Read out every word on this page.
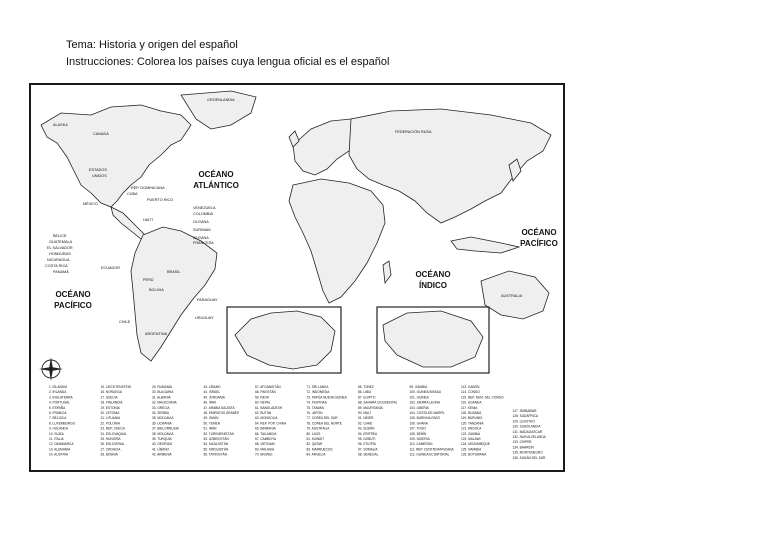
Tema: Historia y origen del español
Instrucciones: Colorea los países cuya lengua oficial es el español
OCÉANO
ATLÁNTICO
OCÉANO
PACÍFICO
OCÉANO
PACÍFICO
OCÉANO
ÍNDICO
GROENLANDIA
ALASKA
CANADÁ
ESTADOS
UNIDOS
MÉXICO
CUBA
REP. DOMINICANA
PUERTO RICO
HAITÍ
VENEZUELA
COLOMBIA
GUYANA
SURINAM
GUYANA
FRANCESA
BELICE
GUATEMALA
EL SALVADOR
HONDURAS
NICARAGUA
COSTA RICA
PANAMÁ
ECUADOR
PERÚ
BRASIL
BOLIVIA
PARAGUAY
URUGUAY
CHILE
ARGENTINA
FEDERACIÓN RUSA
AUSTRALIA
1. ISLANDIA
2. IRLANDA
3. INGLATERRA
4. PORTUGAL
5. ESPAÑA
6. FRANCIA
7. BÉLGICA
8. LUXEMBURGO
9. HOLANDA
10. SUIZA
11. ITALIA
12. DINAMARCA
13. ALEMANIA
14. AUSTRIA
15. LIECHTENSTEIN
16. NORUEGA
17. SUECIA
18. FINLANDIA
19. ESTONIA
20. LETONIA
21. LITUANIA
22. POLONIA
23. REP. CHECA
24. ESLOVAQUIA
25. HUNGRÍA
26. ESLOVENIA
27. CROACIA
28. BOSNIA
29. RUMANÍA
30. BULGARIA
31. ALBANIA
32. MACEDONIA
33. GRECIA
34. SERBIA
35. MOLDAVIA
36. UCRANIA
37. BIELORRUSIA
38. MOLDAVIA
39. TURQUÍA
40. GEORGIA
41. LÍBANO
42. ARMENIA
43. LÍBANO
44. ISRAEL
45. JORDANIA
46. IRAK
47. ARABIA SAUDITA
48. EMIRATOS ÁRABES
49. OMÁN
50. YEMEN
51. IRÁN
52. TURKMENISTÁN
53. UZBEKISTÁN
54. KAZAJISTÁN
55. KIRGUISTÁN
56. TAYIKISTÁN
57. AFGANISTÁN
58. PAKISTÁN
59. INDIA
60. NEPAL
61. BANGLADESH
62. BUTÁN
63. MONGOLIA
64. REP. POP. CHINA
65. BIRMANIA
66. TAILANDIA
67. CAMBOYA
68. VIETNAM
69. MALASIA
70. BRUNEI
71. SRI LANKA
72. INDONESIA
73. PAPÚA NUEVA GUINEA
74. FILIPINAS
75. TAIWÁN
76. JAPÓN
77. COREA DEL SUR
78. COREA DEL NORTE
79. AUSTRALIA
80. LAOS
81. KUWAIT
82. QATAR
83. MARRUECOS
84. ARGELIA
85. TÚNEZ
86. LIBIA
87. EGIPTO
88. SAHARA OCCIDENTAL
89. MAURITANIA
90. MALÍ
91. NÍGER
92. CHAD
93. SUDÁN
94. ERITREA
95. DJIBUTI
96. ETIOPÍA
97. SOMALIA
98. SENEGAL
99. GAMBIA
100. GUINEA BISSAU
101. GUINEA
102. SIERRA LEONA
103. LIBERIA
104. COSTA DE MARFIL
105. BURKINA FASO
106. GHANA
107. TOGO
108. BENÍN
109. NIGERIA
110. CAMERÚN
111. REP. CENTROAFRICANA
112. GUINEA ECUATORIAL
113. GABÓN
114. CONGO
115. REP. DEM. DEL CONGO
116. UGANDA
117. KENIA
118. RUANDA
119. BURUNDI
120. TANZANIA
121. ANGOLA
122. ZAMBIA
123. MALAWI
124. MOZAMBIQUE
125. NAMIBIA
126. BOTSWANA
127. ZIMBABWE
128. SUDÁFRICA
129. LESOTHO
130. SUAZILANDIA
131. MADAGASCAR
132. NUEVA ZELANDA
133. CHIPRE
134. BAHRÉIN
135. MONTENEGRO
136. SUDÁN DEL SUR
